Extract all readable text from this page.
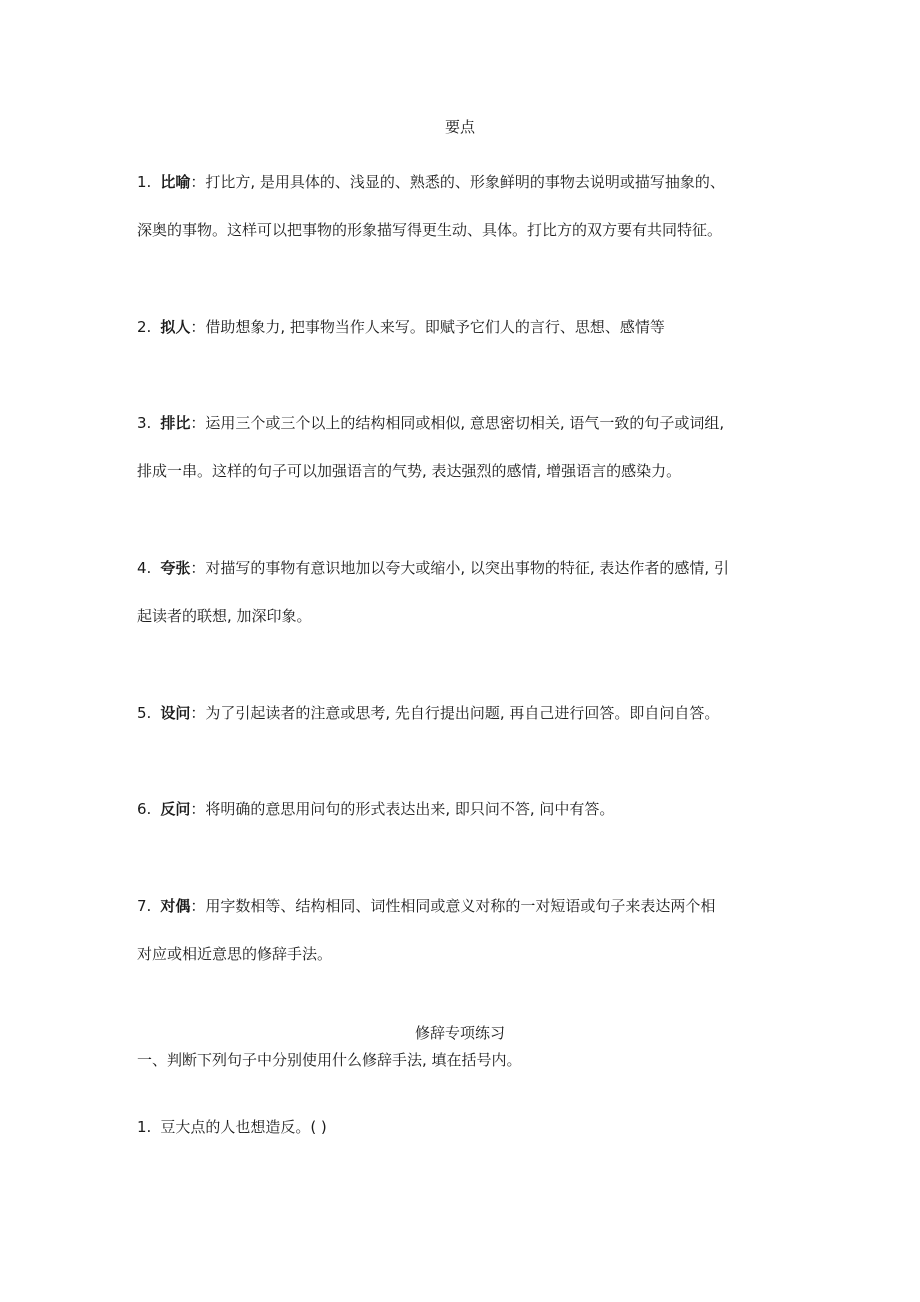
要点
1. 比喻：打比方, 是用具体的、浅显的、熟悉的、形象鲜明的事物去说明或描写抽象的、
深奥的事物。这样可以把事物的形象描写得更生动、具体。打比方的双方要有共同特征。
2. 拟人：借助想象力, 把事物当作人来写。即赋予它们人的言行、思想、感情等
3. 排比：运用三个或三个以上的结构相同或相似, 意思密切相关, 语气一致的句子或词组,
排成一串。这样的句子可以加强语言的气势, 表达强烈的感情, 增强语言的感染力。
4. 夸张：对描写的事物有意识地加以夸大或缩小, 以突出事物的特征, 表达作者的感情, 引
起读者的联想, 加深印象。
5. 设问：为了引起读者的注意或思考, 先自行提出问题, 再自己进行回答。即自问自答。
6. 反问：将明确的意思用问句的形式表达出来, 即只问不答, 问中有答。
7. 对偶：用字数相等、结构相同、词性相同或意义对称的一对短语或句子来表达两个相
对应或相近意思的修辞手法。
修辞专项练习
一、判断下列句子中分别使用什么修辞手法, 填在括号内。
1. 豆大点的人也想造反。( )
